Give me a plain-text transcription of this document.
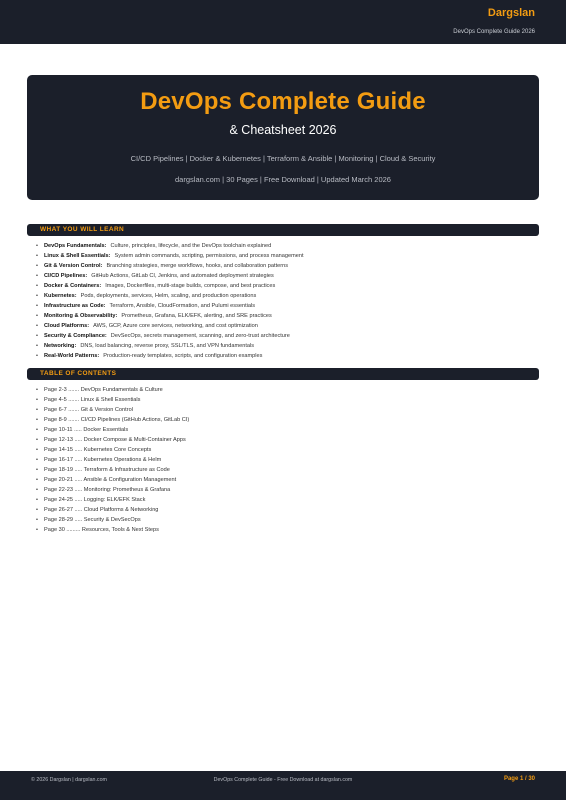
Dargslan
DevOps Complete Guide 2026
DevOps Complete Guide
& Cheatsheet 2026
CI/CD Pipelines | Docker & Kubernetes | Terraform & Ansible | Monitoring | Cloud & Security
dargslan.com | 30 Pages | Free Download | Updated March 2026
WHAT YOU WILL LEARN
• DevOps Fundamentals: Culture, principles, lifecycle, and the DevOps toolchain explained
• Linux & Shell Essentials: System admin commands, scripting, permissions, and process management
• Git & Version Control: Branching strategies, merge workflows, hooks, and collaboration patterns
• CI/CD Pipelines: GitHub Actions, GitLab CI, Jenkins, and automated deployment strategies
• Docker & Containers: Images, Dockerfiles, multi-stage builds, compose, and best practices
• Kubernetes: Pods, deployments, services, Helm, scaling, and production operations
• Infrastructure as Code: Terraform, Ansible, CloudFormation, and Pulumi essentials
• Monitoring & Observability: Prometheus, Grafana, ELK/EFK, alerting, and SRE practices
• Cloud Platforms: AWS, GCP, Azure core services, networking, and cost optimization
• Security & Compliance: DevSecOps, secrets management, scanning, and zero-trust architecture
• Networking: DNS, load balancing, reverse proxy, SSL/TLS, and VPN fundamentals
• Real-World Patterns: Production-ready templates, scripts, and configuration examples
TABLE OF CONTENTS
• Page 2-3 ....... DevOps Fundamentals & Culture
• Page 4-5 ....... Linux & Shell Essentials
• Page 6-7 ....... Git & Version Control
• Page 8-9 ....... CI/CD Pipelines (GitHub Actions, GitLab CI)
• Page 10-11 ..... Docker Essentials
• Page 12-13 ..... Docker Compose & Multi-Container Apps
• Page 14-15 ..... Kubernetes Core Concepts
• Page 16-17 ..... Kubernetes Operations & Helm
• Page 18-19 ..... Terraform & Infrastructure as Code
• Page 20-21 ..... Ansible & Configuration Management
• Page 22-23 ..... Monitoring: Prometheus & Grafana
• Page 24-25 ..... Logging: ELK/EFK Stack
• Page 26-27 ..... Cloud Platforms & Networking
• Page 28-29 ..... Security & DevSecOps
• Page 30 ......... Resources, Tools & Next Steps
© 2026 Dargslan | dargslan.com	DevOps Complete Guide - Free Download at dargslan.com	Page 1 / 30
